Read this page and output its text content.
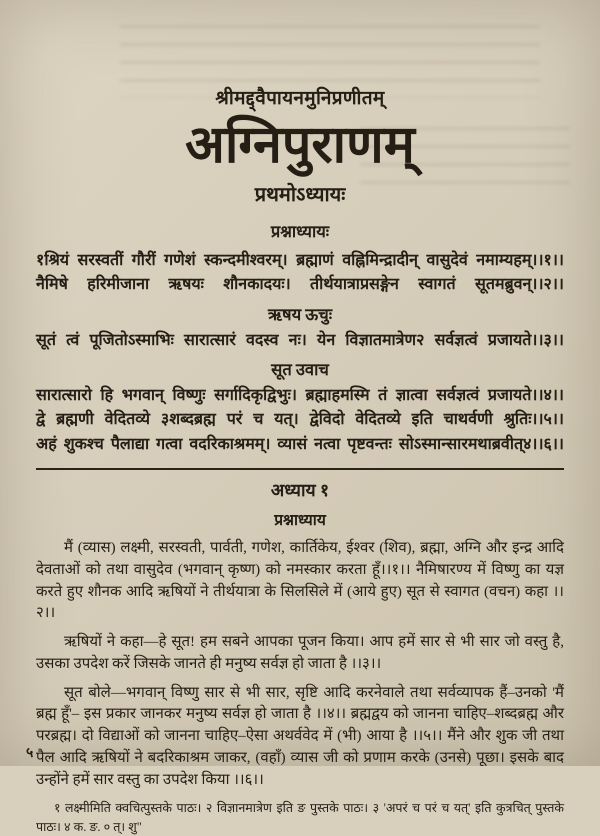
श्रीमद्द्वैपायनमुनिप्रणीतम्
अग्निपुराणम्
प्रथमोऽध्यायः
प्रश्नाध्यायः
१श्रियं सरस्वतीं गौरीं गणेशं स्कन्दमीश्वरम्। ब्रह्माणं वह्निमिन्द्रादीन् वासुदेवं नमाम्यहम्।।१।।
नैमिषे हरिमीजाना ऋषयः शौनकादयः। तीर्थयात्राप्रसङ्गेन स्वागतं सूतमब्रुवन्।।२।।
ऋषय ऊचुः
सूतं त्वं पूजितोऽस्माभिः सारात्सारं वदस्व नः। येन विज्ञातमात्रेण२ सर्वज्ञत्वं प्रजायते।।३।।
सूत उवाच
सारात्सारो हि भगवान् विष्णुः सर्गादिकृद्विभुः। ब्रह्माहमस्मि तं ज्ञात्वा सर्वज्ञत्वं प्रजायते।।४।।
द्वे ब्रह्मणी वेदितव्ये ३शब्दब्रह्म परं च यत्। द्वेविदो वेदितव्ये इति चाथर्वणी श्रुतिः।।५।।
अहं शुकश्च पैलाद्या गत्वा वदरिकाश्रमम्। व्यासं नत्वा पृष्टवन्तः सोऽस्मान्सारमथाब्रवीत्४।।६।।
अध्याय १
प्रश्नाध्याय

मैं (व्यास) लक्ष्मी, सरस्वती, पार्वती, गणेश, कार्तिकेय, ईश्वर (शिव), ब्रह्मा, अग्नि और इन्द्र आदि देवताओं को तथा वासुदेव (भगवान् कृष्ण) को नमस्कार करता हूँ।।१।। नैमिषारण्य में विष्णु का यज्ञ करते हुए शौनक आदि ऋषियों ने तीर्थयात्रा के सिलसिले में (आये हुए) सूत से स्वागत (वचन) कहा ।।२।।

ऋषियों ने कहा—हे सूत! हम सबने आपका पूजन किया। आप हमें सार से भी सार जो वस्तु है, उसका उपदेश करें जिसके जानते ही मनुष्य सर्वज्ञ हो जाता है ।।३।।

सूत बोले—भगवान् विष्णु सार से भी सार, सृष्टि आदि करनेवाले तथा सर्वव्यापक हैं–उनको 'मैं ब्रह्म हूँ'– इस प्रकार जानकर मनुष्य सर्वज्ञ हो जाता है ।।४।। ब्रह्मद्वय को जानना चाहिए–शब्दब्रह्म और परब्रह्म। दो विद्याओं को जानना चाहिए–ऐसा अथर्ववेद में (भी) आया है ।।५।। मैंने और शुक जी तथा पैल आदि ऋषियों ने बदरिकाश्रम जाकर, (वहाँ) व्यास जी को प्रणाम करके (उनसे) पूछा। इसके बाद उन्होंने हमें सार वस्तु का उपदेश किया ।।६।।

१ लक्ष्मीमिति क्वचित्पुस्तके पाठः। २ विज्ञानमात्रेण इति ङ पुस्तके पाठः। ३ 'अपरं च परं च यत्' इति कुत्रचित् पुस्तके पाठः। ४ क. ङ. ० त्। शु"
५
